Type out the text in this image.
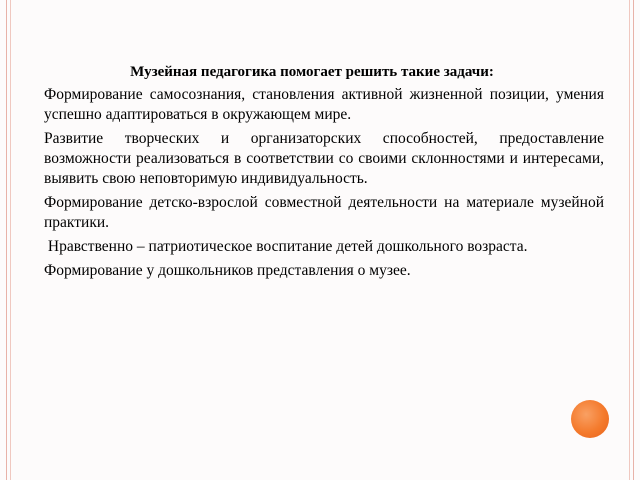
Музейная педагогика помогает решить такие задачи:

Формирование самосознания, становления активной жизненной позиции, умения успешно адаптироваться в окружающем мире.
Развитие творческих и организаторских способностей, предоставление возможности реализоваться в соответствии со своими склонностями и интересами, выявить свою неповторимую индивидуальность.
Формирование детско-взрослой совместной деятельности на материале музейной практики.
Нравственно – патриотическое воспитание детей дошкольного возраста.
Формирование у дошкольников представления о музее.
